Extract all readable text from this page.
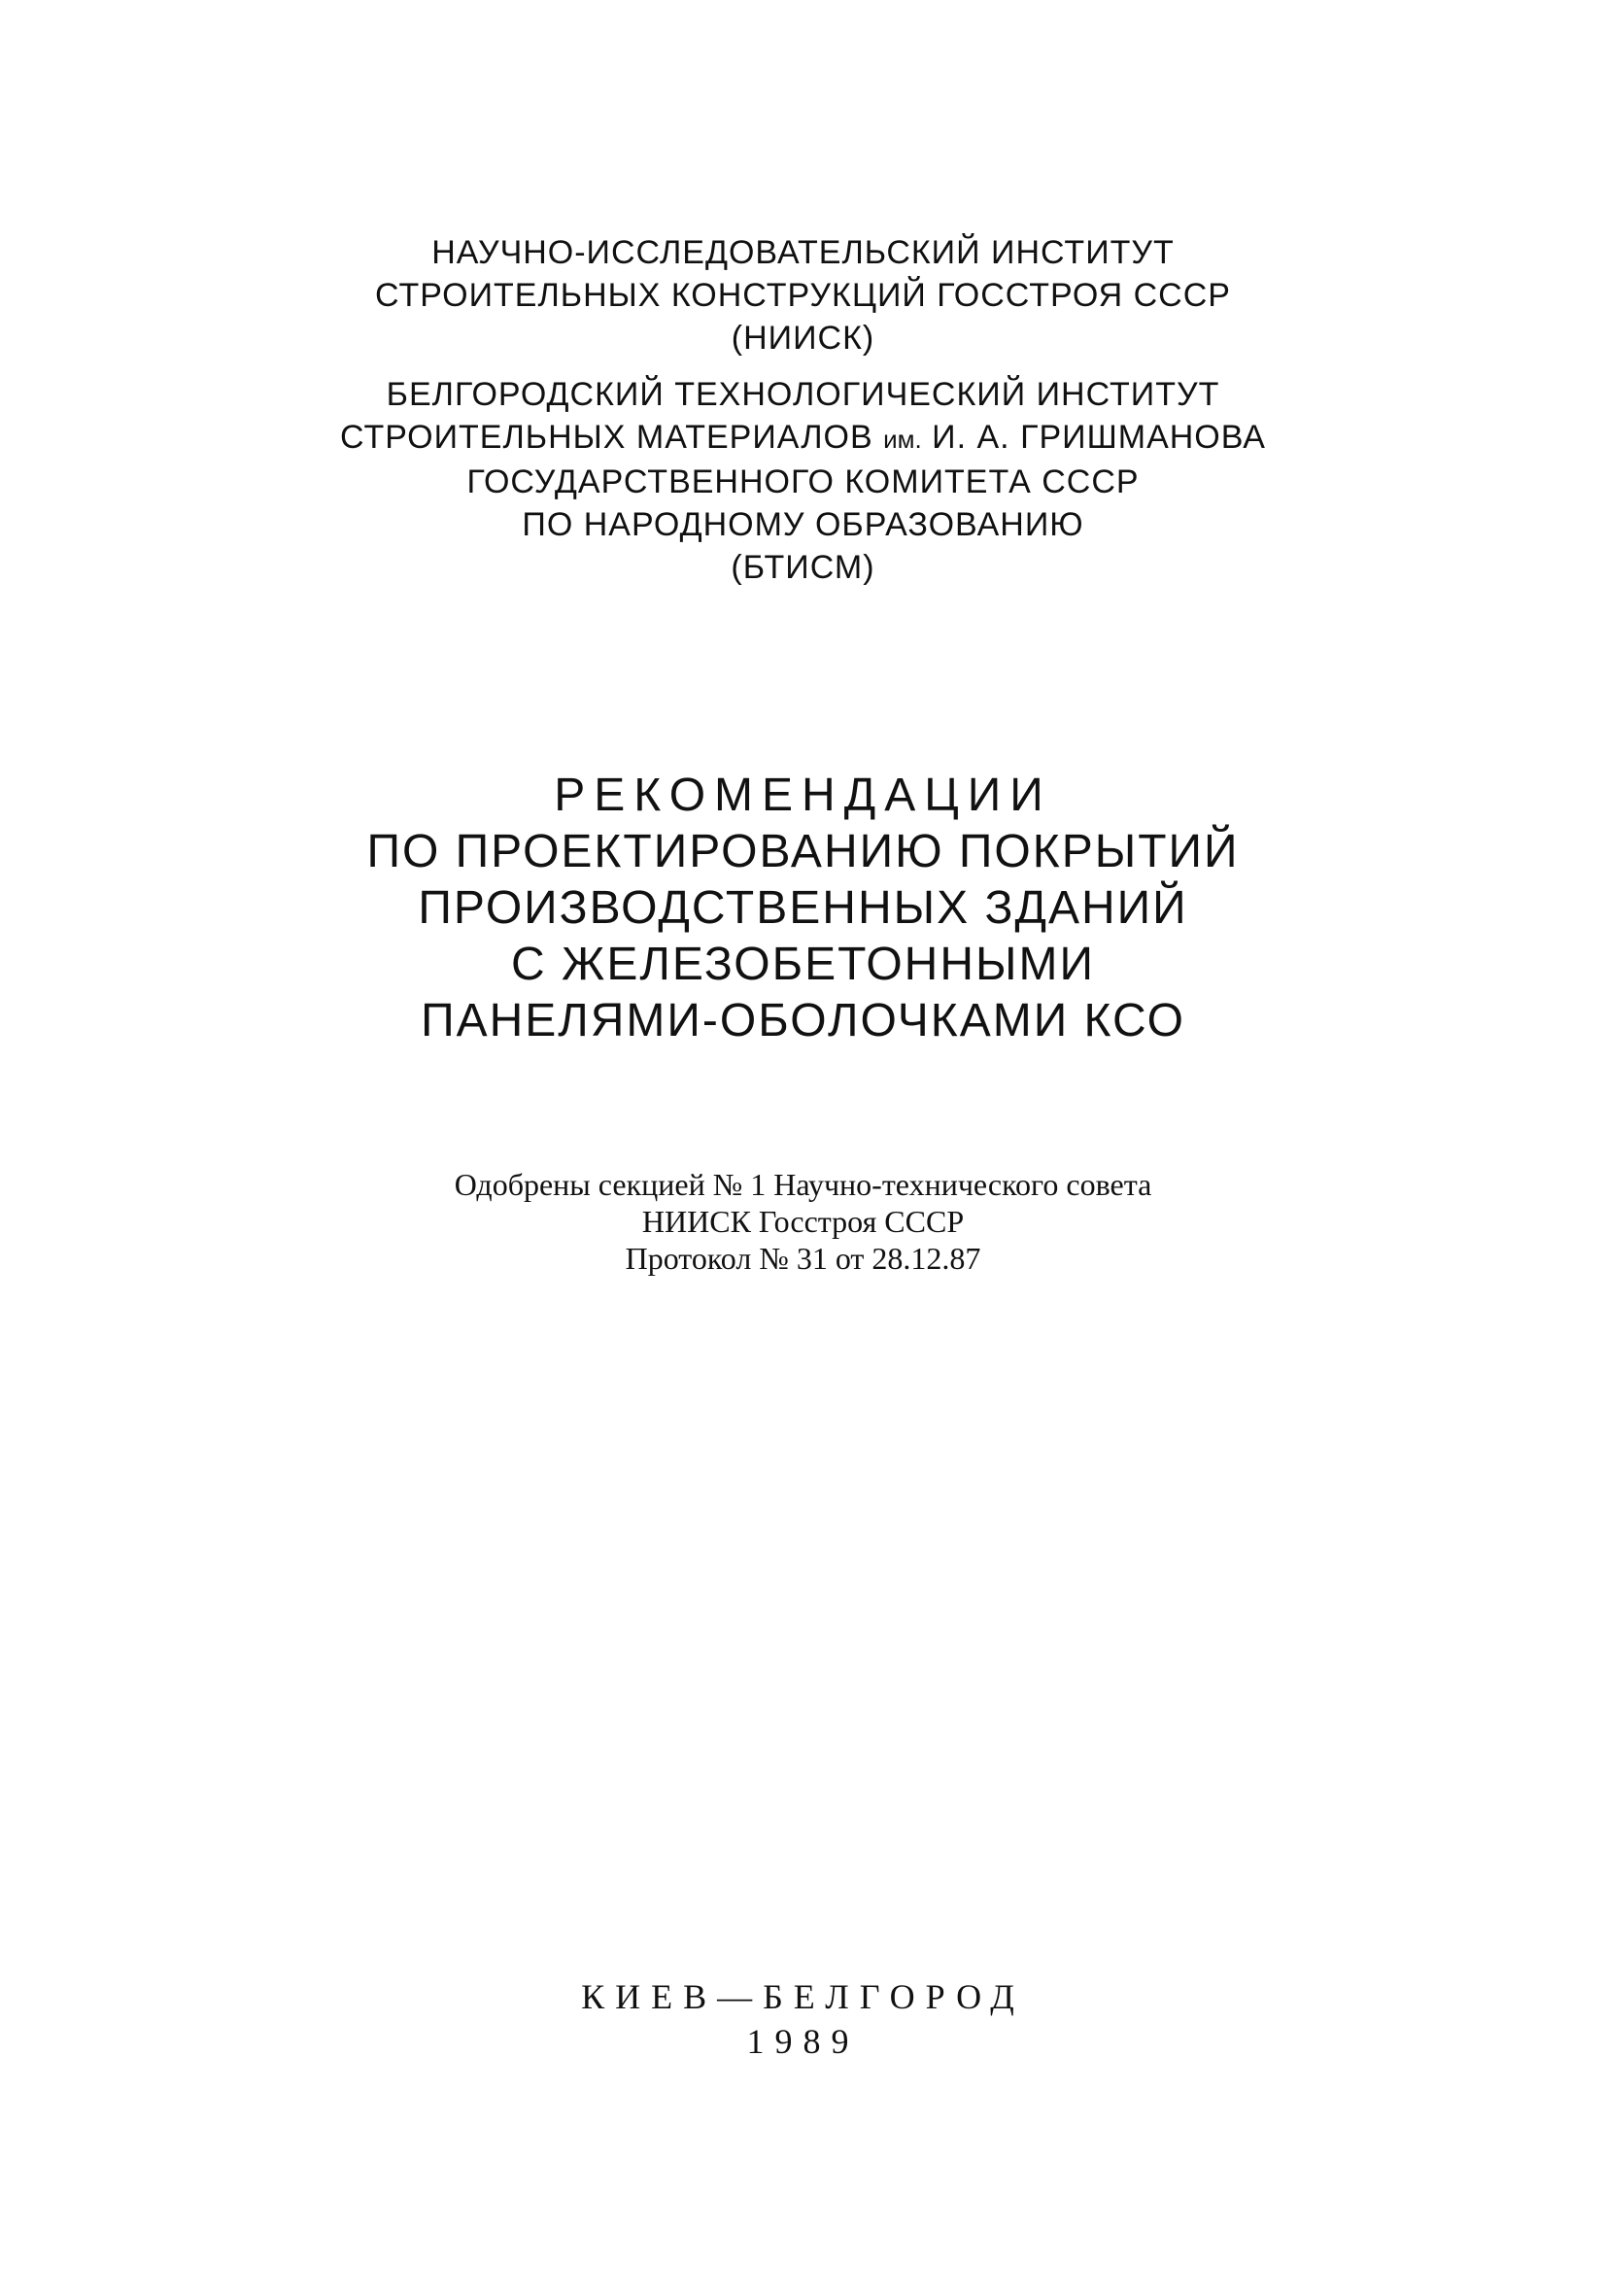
НАУЧНО-ИССЛЕДОВАТЕЛЬСКИЙ ИНСТИТУТ
СТРОИТЕЛЬНЫХ КОНСТРУКЦИЙ ГОССТРОЯ СССР
(НИИСК)
БЕЛГОРОДСКИЙ ТЕХНОЛОГИЧЕСКИЙ ИНСТИТУТ
СТРОИТЕЛЬНЫХ МАТЕРИАЛОВ им. И. А. ГРИШМАНОВА
ГОСУДАРСТВЕННОГО КОМИТЕТА СССР
ПО НАРОДНОМУ ОБРАЗОВАНИЮ
(БТИСМ)
РЕКОМЕНДАЦИИ
ПО ПРОЕКТИРОВАНИЮ ПОКРЫТИЙ
ПРОИЗВОДСТВЕННЫХ ЗДАНИЙ
С ЖЕЛЕЗОБЕТОННЫМИ
ПАНЕЛЯМИ-ОБОЛОЧКАМИ КСО
Одобрены секцией № 1 Научно-технического совета
НИИСК Госстроя СССР
Протокол № 31 от 28.12.87
КИЕВ—БЕЛГОРОД
1989
